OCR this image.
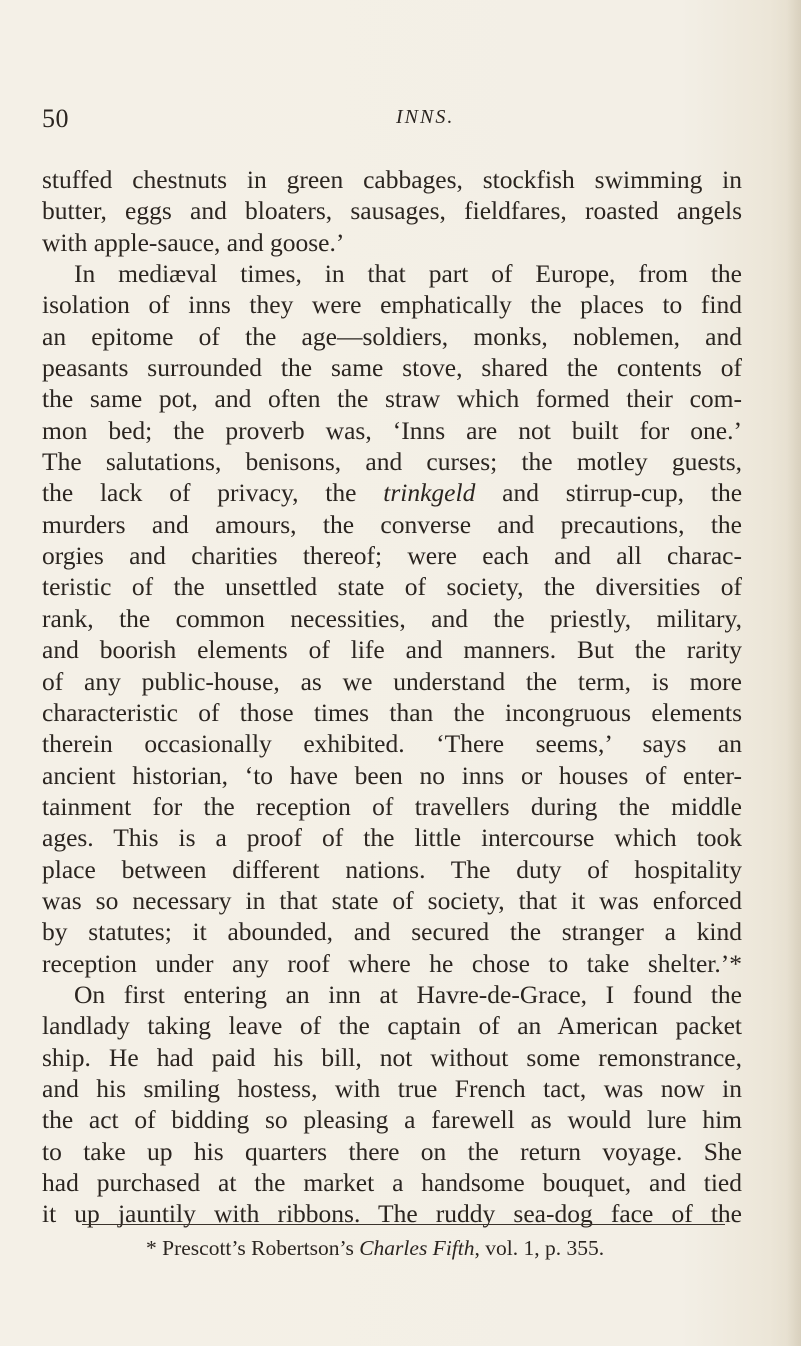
50	INNS.
stuffed chestnuts in green cabbages, stockfish swimming in
butter, eggs and bloaters, sausages, fieldfares, roasted angels
with apple-sauce, and goose.’
In mediæval times, in that part of Europe, from the
isolation of inns they were emphatically the places to find
an epitome of the age—soldiers, monks, noblemen, and
peasants surrounded the same stove, shared the contents of
the same pot, and often the straw which formed their com-
mon bed; the proverb was, ‘Inns are not built for one.’
The salutations, benisons, and curses; the motley guests,
the lack of privacy, the trinkgeld and stirrup-cup, the
murders and amours, the converse and precautions, the
orgies and charities thereof; were each and all charac-
teristic of the unsettled state of society, the diversities of
rank, the common necessities, and the priestly, military,
and boorish elements of life and manners. But the rarity
of any public-house, as we understand the term, is more
characteristic of those times than the incongruous elements
therein occasionally exhibited. ‘There seems,’ says an
ancient historian, ‘to have been no inns or houses of enter-
tainment for the reception of travellers during the middle
ages. This is a proof of the little intercourse which took
place between different nations. The duty of hospitality
was so necessary in that state of society, that it was enforced
by statutes; it abounded, and secured the stranger a kind
reception under any roof where he chose to take shelter.’*
On first entering an inn at Havre-de-Grace, I found the
landlady taking leave of the captain of an American packet
ship. He had paid his bill, not without some remonstrance,
and his smiling hostess, with true French tact, was now in
the act of bidding so pleasing a farewell as would lure him
to take up his quarters there on the return voyage. She
had purchased at the market a handsome bouquet, and tied
it up jauntily with ribbons. The ruddy sea-dog face of the
* Prescott’s Robertson’s Charles Fifth, vol. 1, p. 355.
